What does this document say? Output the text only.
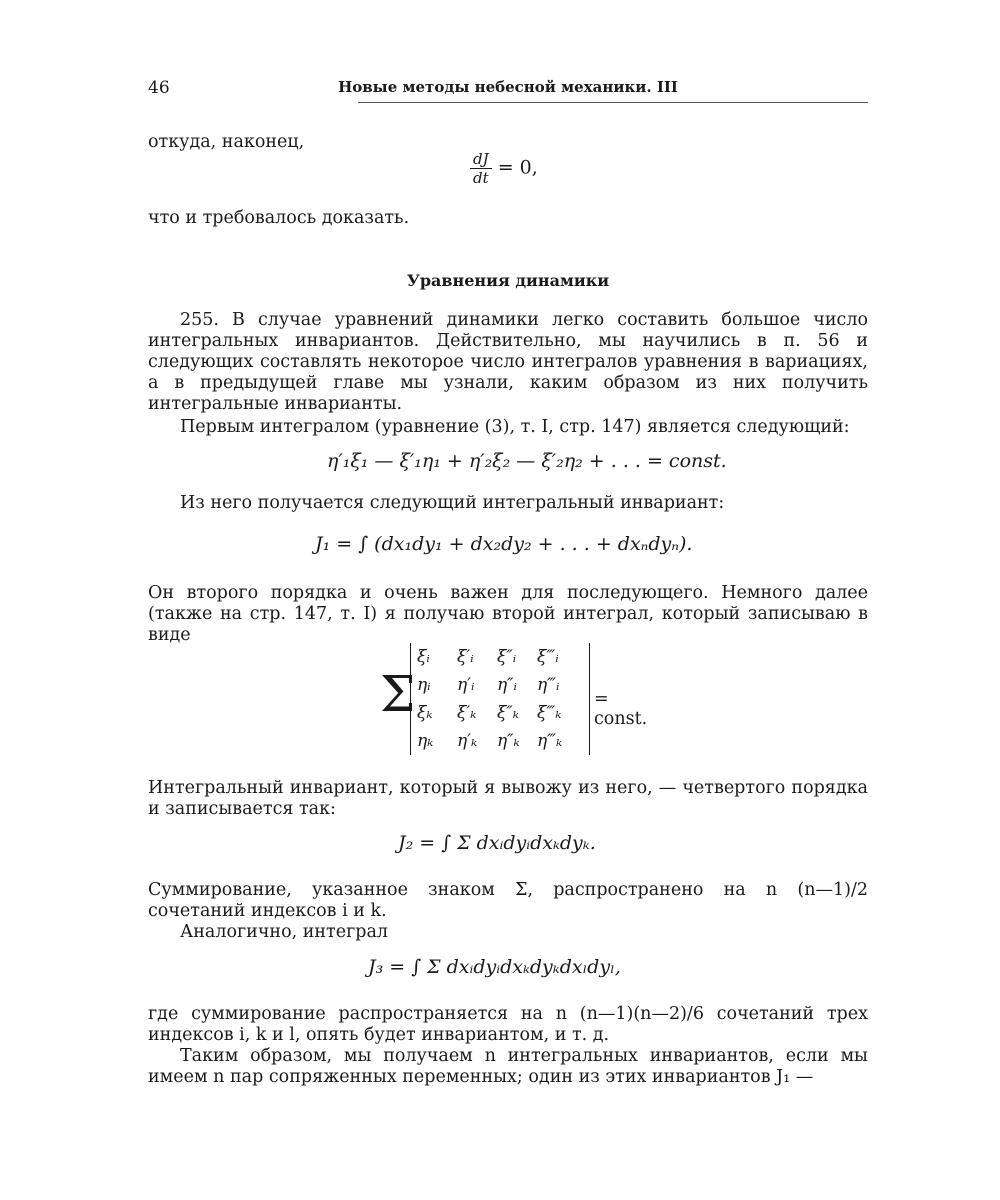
46	Новые методы небесной механики. III
откуда, наконец,
$\frac{dJ}{dt} = 0$,
что и требовалось доказать.
Уравнения динамики
255. В случае уравнений динамики легко составить большое число интегральных инвариантов. Действительно, мы научились в п. 56 и следующих составлять некоторое число интегралов уравнения в вариациях, а в предыдущей главе мы узнали, каким образом из них получить интегральные инварианты.
Первым интегралом (уравнение (3), т. I, стр. 147) является следующий:
η′₁ξ₁ — ξ′₁η₁ + η′₂ξ₂ — ξ′₂η₂ + . . . = const.
Из него получается следующий интегральный инвариант:
J₁ = ∫ (dx₁dy₁ + dx₂dy₂ + . . . + dxₙdyₙ).
Он второго порядка и очень важен для последующего. Немного далее (также на стр. 147, т. I) я получаю второй интеграл, который записываю в виде
Σ
ξᵢ	ξ′ᵢ	ξ″ᵢ	ξ‴ᵢ
ηᵢ	η′ᵢ	η″ᵢ	η‴ᵢ
ξₖ	ξ′ₖ	ξ″ₖ	ξ‴ₖ
ηₖ	η′ₖ	η″ₖ	η‴ₖ
= const.
Интегральный инвариант, который я вывожу из него, — четвертого порядка и записывается так:
J₂ = ∫ Σ dxᵢdyᵢdxₖdyₖ.
Суммирование, указанное знаком Σ, распространено на n (n—1)/2 сочетаний индексов i и k.
Аналогично, интеграл
J₃ = ∫ Σ dxᵢdyᵢdxₖdyₖdxₗdyₗ,
где суммирование распространяется на n (n—1)(n—2)/6 сочетаний трех индексов i, k и l, опять будет инвариантом, и т. д.
Таким образом, мы получаем n интегральных инвариантов, если мы имеем n пар сопряженных переменных; один из этих инвариантов J₁ —
